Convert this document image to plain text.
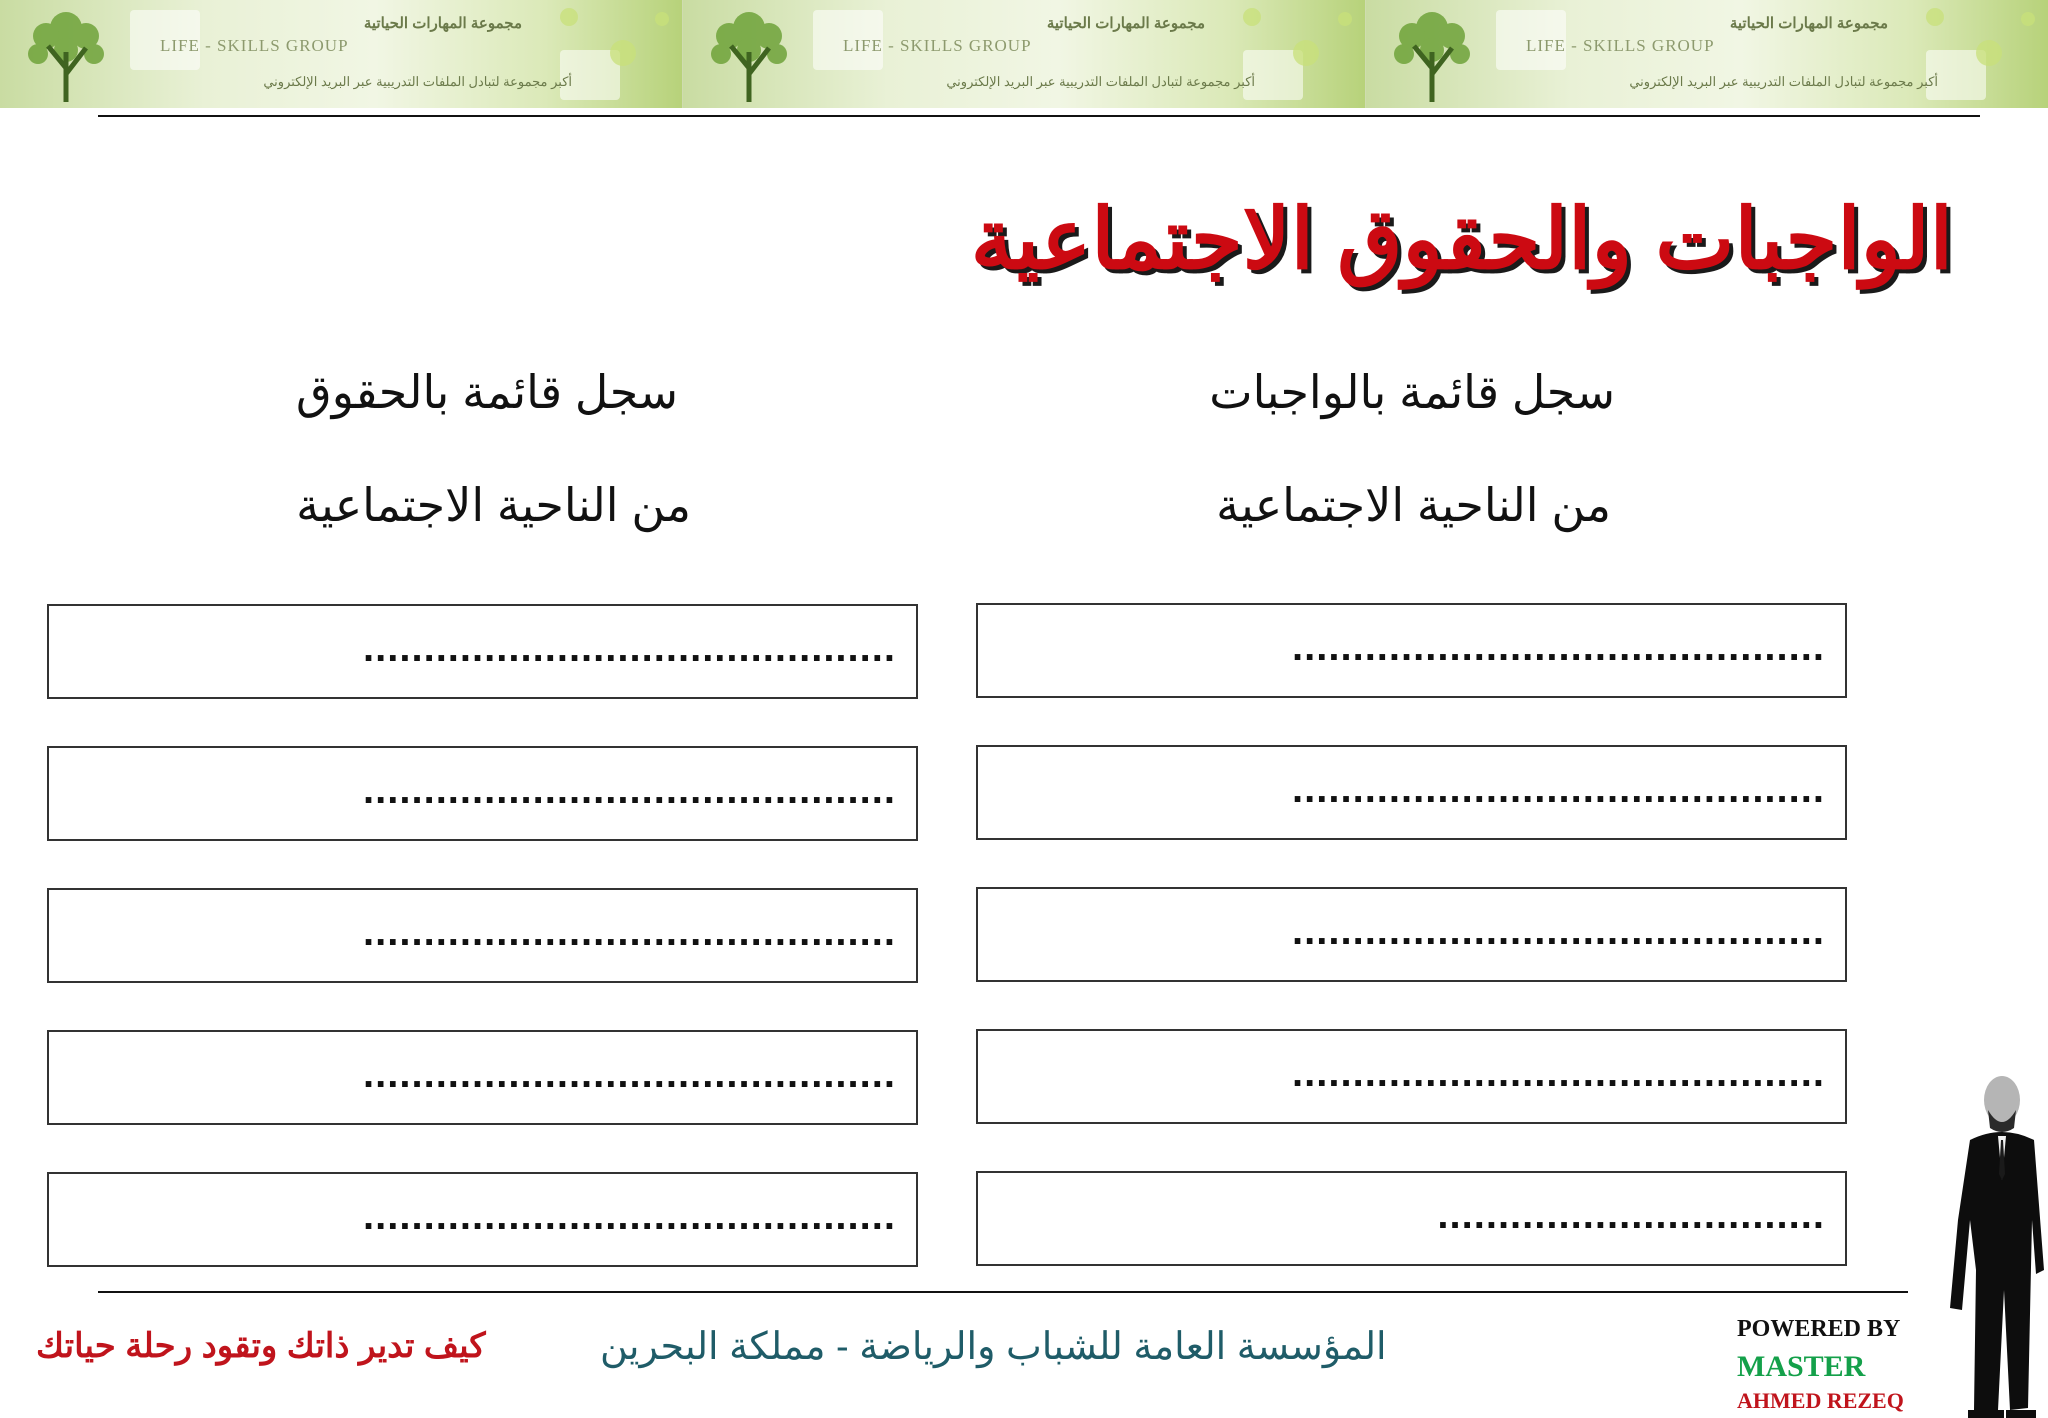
مجموعة المهارات الحياتية
LIFE - SKILLS GROUP
أكبر مجموعة لتبادل الملفات التدريبية عبر البريد الإلكتروني
مجموعة المهارات الحياتية
LIFE - SKILLS GROUP
أكبر مجموعة لتبادل الملفات التدريبية عبر البريد الإلكتروني
مجموعة المهارات الحياتية
LIFE - SKILLS GROUP
أكبر مجموعة لتبادل الملفات التدريبية عبر البريد الإلكتروني
الواجبات والحقوق الاجتماعية
سجل قائمة بالواجبات
من الناحية الاجتماعية
............................................
............................................
............................................
............................................
................................
سجل قائمة بالحقوق
من الناحية الاجتماعية
............................................
............................................
............................................
............................................
............................................
كيف تدير ذاتك وتقود رحلة حياتك	المؤسسة العامة للشباب والرياضة - مملكة البحرين	POWERED BY
MASTER
AHMED REZEQ
